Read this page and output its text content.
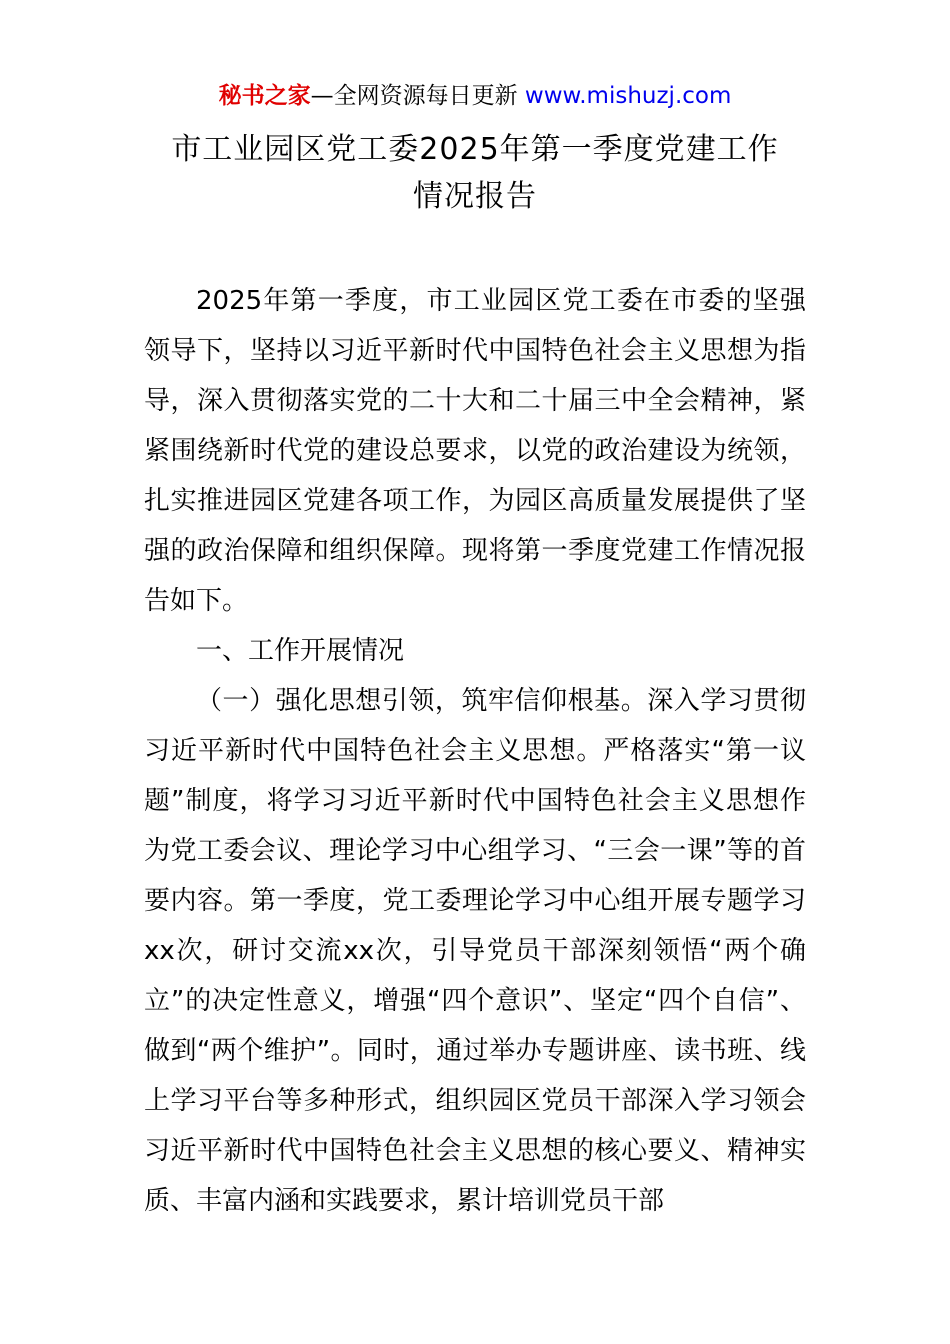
秘书之家—全网资源每日更新 www.mishuzj.com
市工业园区党工委2025年第一季度党建工作
情况报告

2025年第一季度，市工业园区党工委在市委的坚强领导下，坚持以习近平新时代中国特色社会主义思想为指导，深入贯彻落实党的二十大和二十届三中全会精神，紧紧围绕新时代党的建设总要求，以党的政治建设为统领，扎实推进园区党建各项工作，为园区高质量发展提供了坚强的政治保障和组织保障。现将第一季度党建工作情况报告如下。

一、工作开展情况

（一）强化思想引领，筑牢信仰根基。深入学习贯彻习近平新时代中国特色社会主义思想。严格落实“第一议题”制度，将学习习近平新时代中国特色社会主义思想作为党工委会议、理论学习中心组学习、“三会一课”等的首要内容。第一季度，党工委理论学习中心组开展专题学习xx次，研讨交流xx次，引导党员干部深刻领悟“两个确立”的决定性意义，增强“四个意识”、坚定“四个自信”、做到“两个维护”。同时，通过举办专题讲座、读书班、线上学习平台等多种形式，组织园区党员干部深入学习领会习近平新时代中国特色社会主义思想的核心要义、精神实质、丰富内涵和实践要求，累计培训党员干部
